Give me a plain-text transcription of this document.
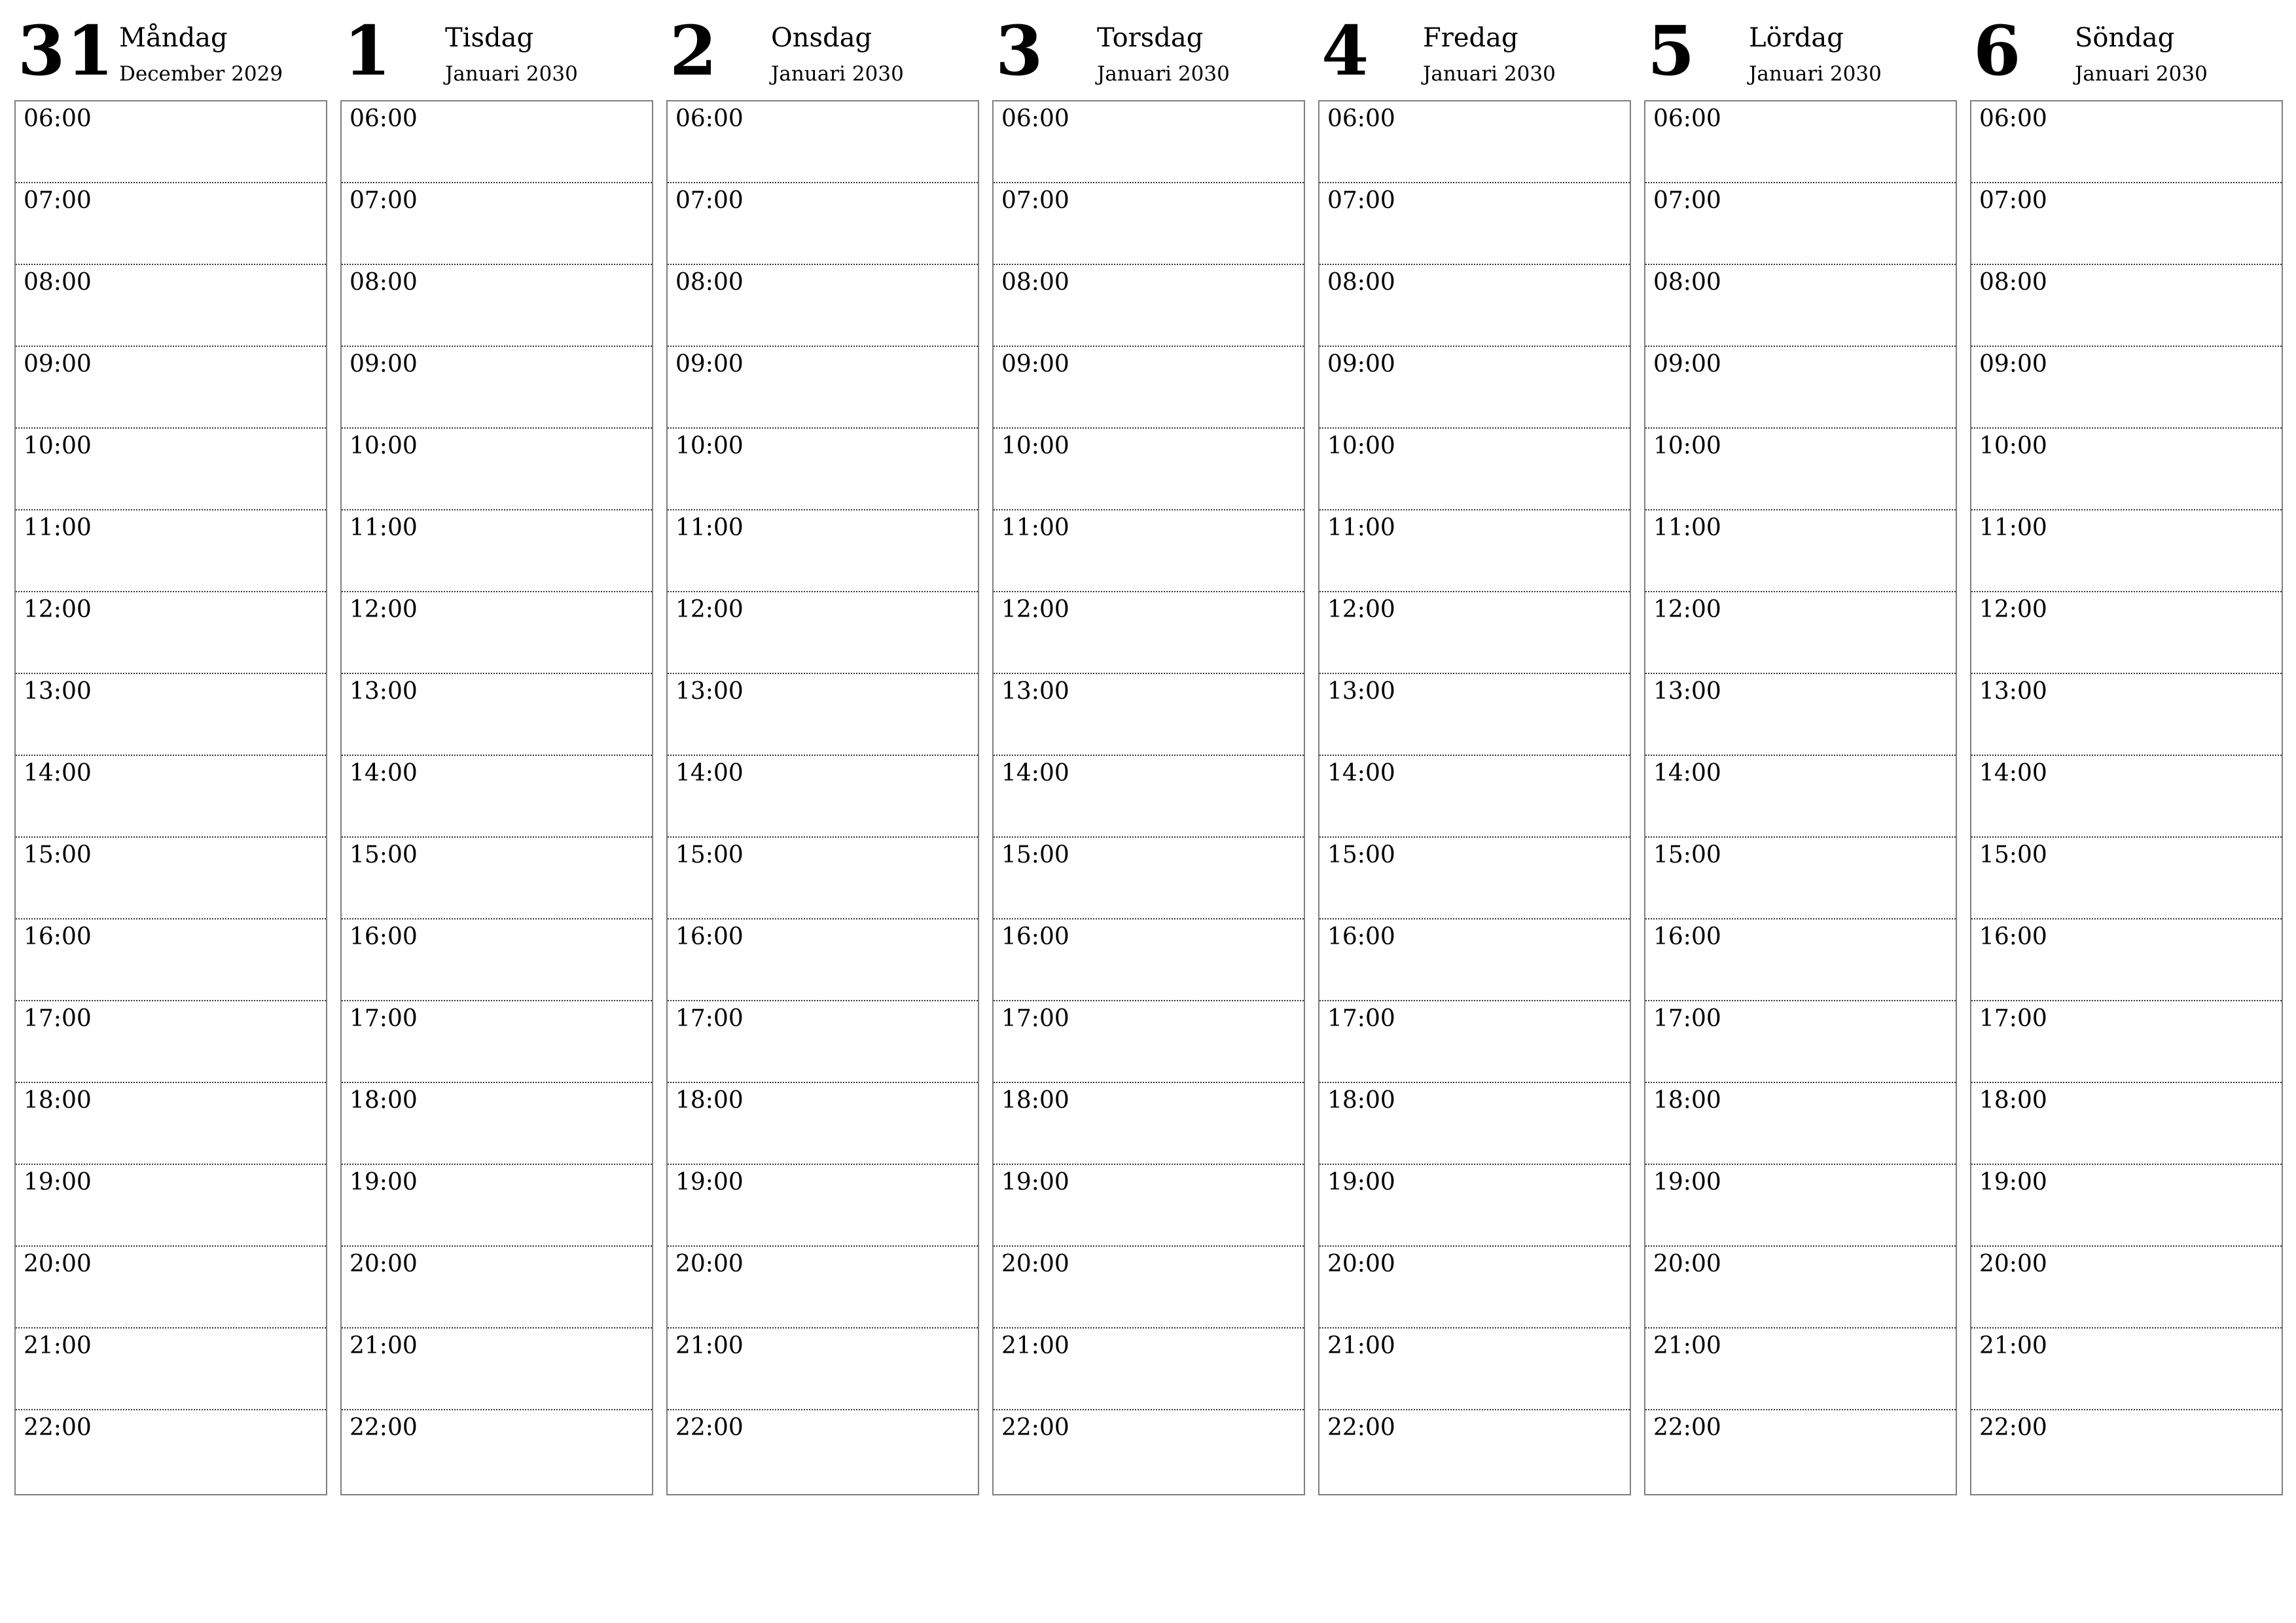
31 Måndag
December 2029
06:00
07:00
08:00
09:00
10:00
11:00
12:00
13:00
14:00
15:00
16:00
17:00
18:00
19:00
20:00
21:00
22:00
1 Tisdag
Januari 2030
06:00
07:00
08:00
09:00
10:00
11:00
12:00
13:00
14:00
15:00
16:00
17:00
18:00
19:00
20:00
21:00
22:00
2 Onsdag
Januari 2030
06:00
07:00
08:00
09:00
10:00
11:00
12:00
13:00
14:00
15:00
16:00
17:00
18:00
19:00
20:00
21:00
22:00
3 Torsdag
Januari 2030
06:00
07:00
08:00
09:00
10:00
11:00
12:00
13:00
14:00
15:00
16:00
17:00
18:00
19:00
20:00
21:00
22:00
4 Fredag
Januari 2030
06:00
07:00
08:00
09:00
10:00
11:00
12:00
13:00
14:00
15:00
16:00
17:00
18:00
19:00
20:00
21:00
22:00
5 Lördag
Januari 2030
06:00
07:00
08:00
09:00
10:00
11:00
12:00
13:00
14:00
15:00
16:00
17:00
18:00
19:00
20:00
21:00
22:00
6 Söndag
Januari 2030
06:00
07:00
08:00
09:00
10:00
11:00
12:00
13:00
14:00
15:00
16:00
17:00
18:00
19:00
20:00
21:00
22:00
